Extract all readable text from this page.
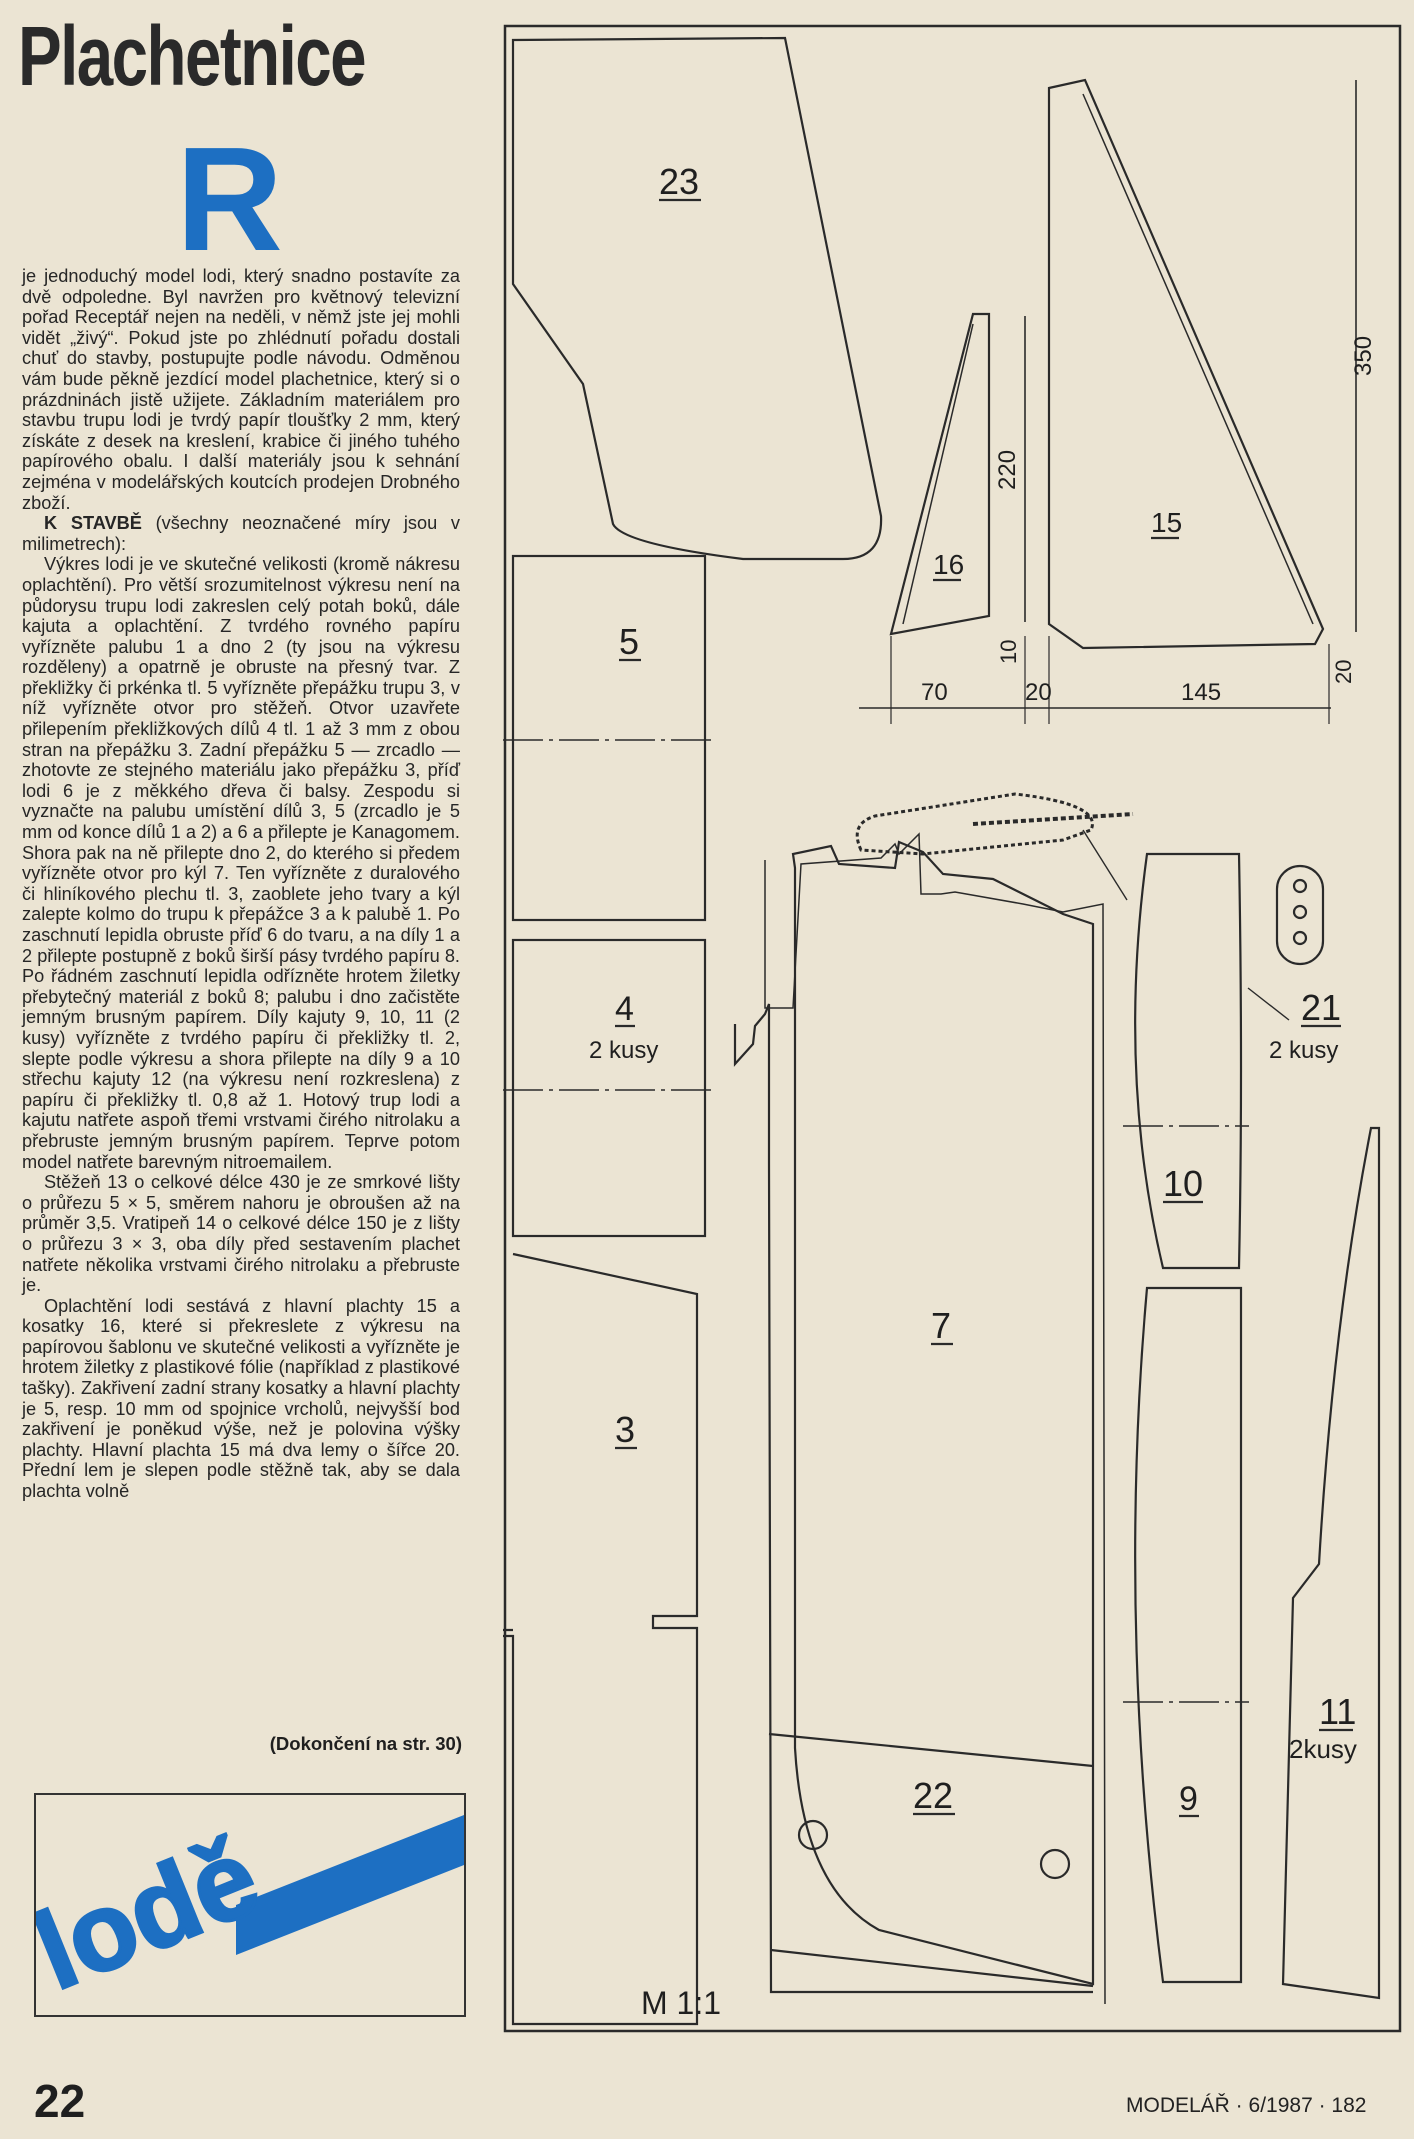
Plachetnice
R

je jednoduchý model lodi, který snadno postavíte za dvě odpoledne. Byl navržen pro květnový televizní pořad Receptář nejen na neděli, v němž jste jej mohli vidět „živý“. Pokud jste po zhlédnutí pořadu dostali chuť do stavby, postupujte podle návodu. Odměnou vám bude pěkně jezdící model plachetnice, který si o prázdninách jistě užijete. Základním materiálem pro stavbu trupu lodi je tvrdý papír tloušťky 2 mm, který získáte z desek na kreslení, krabice či jiného tuhého papírového obalu. I další materiály jsou k sehnání zejména v modelářských koutcích prodejen Drobného zboží.

K STAVBĚ (všechny neoznačené míry jsou v milimetrech):

Výkres lodi je ve skutečné velikosti (kromě nákresu oplachtění). Pro větší srozumitelnost výkresu není na půdorysu trupu lodi zakreslen celý potah boků, dále kajuta a oplachtění. Z tvrdého rovného papíru vyřízněte palubu 1 a dno 2 (ty jsou na výkresu rozděleny) a opatrně je obruste na přesný tvar. Z překližky či prkénka tl. 5 vyřízněte přepážku trupu 3, v níž vyřízněte otvor pro stěžeň. Otvor uzavřete přilepením překližkových dílů 4 tl. 1 až 3 mm z obou stran na přepážku 3. Zadní přepážku 5 — zrcadlo — zhotovte ze stejného materiálu jako přepážku 3, příď lodi 6 je z měkkého dřeva či balsy. Zespodu si vyznačte na palubu umístění dílů 3, 5 (zrcadlo je 5 mm od konce dílů 1 a 2) a 6 a přilepte je Kanagomem. Shora pak na ně přilepte dno 2, do kterého si předem vyřízněte otvor pro kýl 7. Ten vyřízněte z duralového či hliníkového plechu tl. 3, zaoblete jeho tvary a kýl zalepte kolmo do trupu k přepážce 3 a k palubě 1. Po zaschnutí lepidla obruste příď 6 do tvaru, a na díly 1 a 2 přilepte postupně z boků širší pásy tvrdého papíru 8. Po řádném zaschnutí lepidla odřízněte hrotem žiletky přebytečný materiál z boků 8; palubu i dno začistěte jemným brusným papírem. Díly kajuty 9, 10, 11 (2 kusy) vyřízněte z tvrdého papíru či překližky tl. 2, slepte podle výkresu a shora přilepte na díly 9 a 10 střechu kajuty 12 (na výkresu není rozkreslena) z papíru či překližky tl. 0,8 až 1. Hotový trup lodi a kajutu natřete aspoň třemi vrstvami čirého nitrolaku a přebruste jemným brusným papírem. Teprve potom model natřete barevným nitroemailem.

Stěžeň 13 o celkové délce 430 je ze smrkové lišty o průřezu 5 × 5, směrem nahoru je obroušen až na průměr 3,5. Vratipeň 14 o celkové délce 150 je z lišty o průřezu 3 × 3, oba díly před sestavením plachet natřete několika vrstvami čirého nitrolaku a přebruste je.

Oplachtění lodi sestává z hlavní plachty 15 a kosatky 16, které si překreslete z výkresu na papírovou šablonu ve skutečné velikosti a vyřízněte je hrotem žiletky z plastikové fólie (například z plastikové tašky). Zakřivení zadní strany kosatky a hlavní plachty je 5, resp. 10 mm od spojnice vrcholů, nejvyšší bod zakřivení je poněkud výše, než je polovina výšky plachty. Hlavní plachta 15 má dva lemy o šířce 20. Přední lem je slepen podle stěžně tak, aby se dala plachta volně

(Dokončení na str. 30)
lodě
22	MODELÁŘ · 6/1987 · 182
23
16
15
350
220
10
20
70	20	145
5
4
2 kusy
3
7
22
10
21
2 kusy
9
11
2kusy
M 1:1
